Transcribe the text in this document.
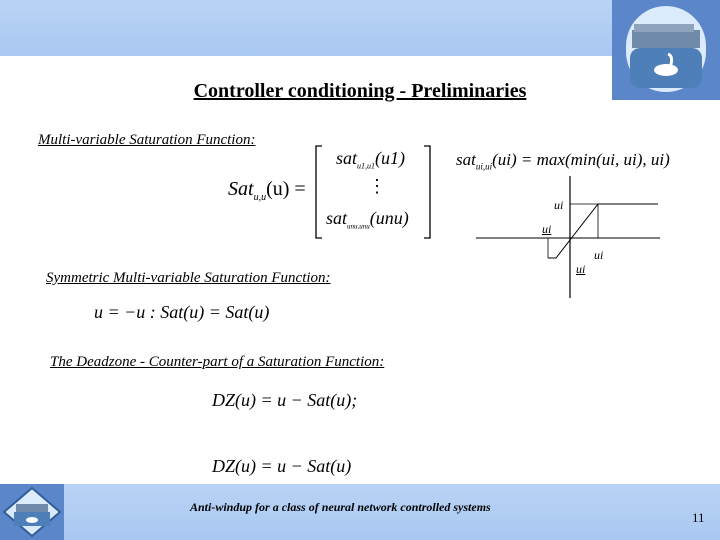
Controller conditioning - Preliminaries
Multi-variable Saturation Function:
Sat$_{u,u}$(u) =
sat$_{u1,u1}$(u1)
⋮
sat$_{unu,unu}$(unu)
sat$_{ui,ui}$(ui) = max(min(ui, ui), ui)
ui
ui
ui
ui
Symmetric Multi-variable Saturation Function:
u = −u : Sat(u) = Sat(u)
The Deadzone - Counter-part of a Saturation Function:
DZ(u) = u − Sat(u);
DZ(u) = u − Sat(u)
Anti-windup for a class of neural network controlled systems
11
